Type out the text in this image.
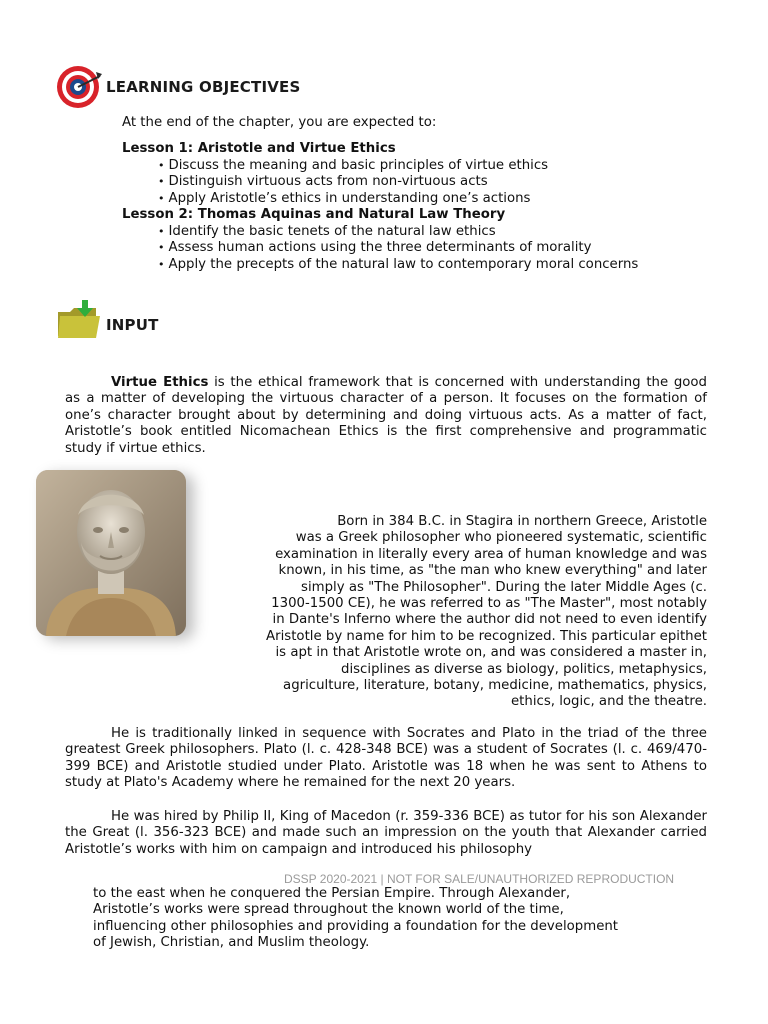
LEARNING OBJECTIVES
At the end of the chapter, you are expected to:
Lesson 1: Aristotle and Virtue Ethics
• Discuss the meaning and basic principles of virtue ethics
• Distinguish virtuous acts from non-virtuous acts
• Apply Aristotle’s ethics in understanding one’s actions
Lesson 2: Thomas Aquinas and Natural Law Theory
• Identify the basic tenets of the natural law ethics
• Assess human actions using the three determinants of morality
• Apply the precepts of the natural law to contemporary moral concerns
INPUT

Virtue Ethics is the ethical framework that is concerned with understanding the good as a matter of developing the virtuous character of a person. It focuses on the formation of one’s character brought about by determining and doing virtuous acts. As a matter of fact, Aristotle’s book entitled Nicomachean Ethics is the first comprehensive and programmatic study if virtue ethics.

Born in 384 B.C. in Stagira in northern Greece, Aristotle
was a Greek philosopher who pioneered systematic, scientific
examination in literally every area of human knowledge and was
known, in his time, as "the man who knew everything" and later
simply as "The Philosopher". During the later Middle Ages (c.
1300-1500 CE), he was referred to as "The Master", most notably
in Dante's Inferno where the author did not need to even identify
Aristotle by name for him to be recognized. This particular epithet
is apt in that Aristotle wrote on, and was considered a master in,
disciplines as diverse as biology, politics, metaphysics,
agriculture, literature, botany, medicine, mathematics, physics,
ethics, logic, and the theatre.

He is traditionally linked in sequence with Socrates and Plato in the triad of the three greatest Greek philosophers. Plato (l. c. 428-348 BCE) was a student of Socrates (l. c. 469/470-399 BCE) and Aristotle studied under Plato. Aristotle was 18 when he was sent to Athens to study at Plato's Academy where he remained for the next 20 years.

He was hired by Philip II, King of Macedon (r. 359-336 BCE) as tutor for his son Alexander the Great (l. 356-323 BCE) and made such an impression on the youth that Alexander carried Aristotle’s works with him on campaign and introduced his philosophy

DSSP 2020-2021 | NOT FOR SALE/UNAUTHORIZED REPRODUCTION
to the east when he conquered the Persian Empire. Through Alexander,
Aristotle’s works were spread throughout the known world of the time,
influencing other philosophies and providing a foundation for the development
of Jewish, Christian, and Muslim theology.
